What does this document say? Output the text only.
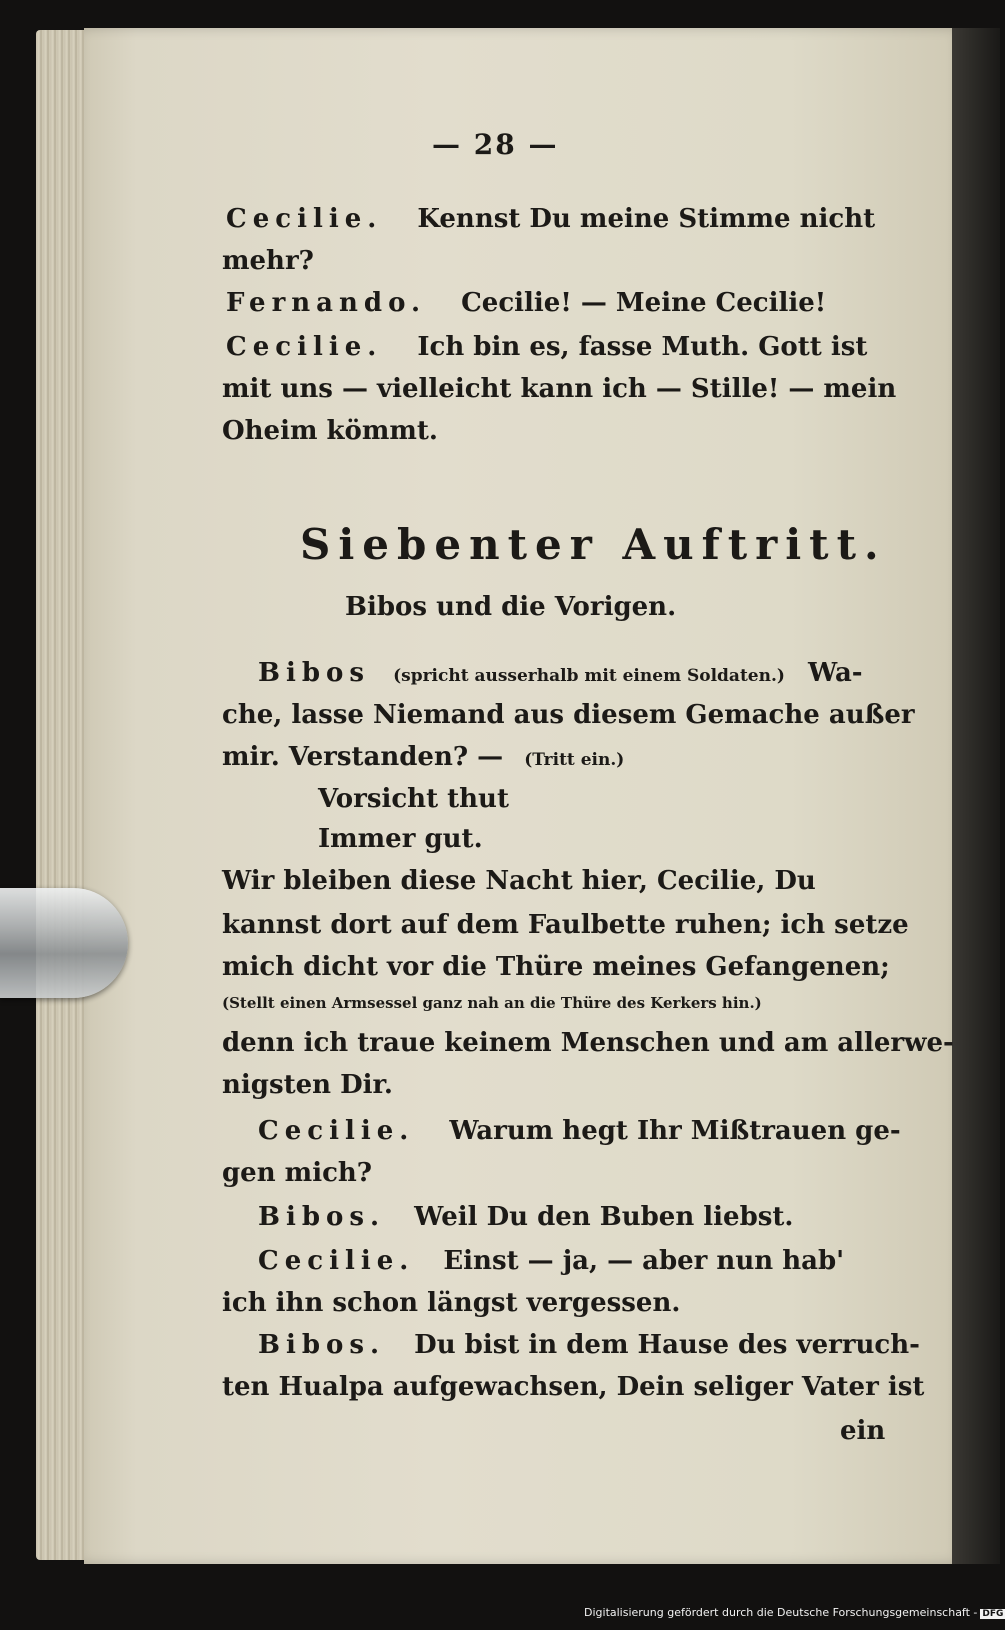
— 28 —
Cecilie. Kennst Du meine Stimme nicht
mehr?
Fernando. Cecilie! — Meine Cecilie!
Cecilie. Ich bin es, fasse Muth. Gott ist
mit uns — vielleicht kann ich — Stille! — mein
Oheim kömmt.
Siebenter Auftritt.
Bibos und die Vorigen.
Bibos (spricht ausserhalb mit einem Soldaten.) Wa-
che, lasse Niemand aus diesem Gemache außer
mir. Verstanden? — (Tritt ein.)
Vorsicht thut
Immer gut.
Wir bleiben diese Nacht hier, Cecilie, Du
kannst dort auf dem Faulbette ruhen; ich setze
mich dicht vor die Thüre meines Gefangenen;
(Stellt einen Armsessel ganz nah an die Thüre des Kerkers hin.)
denn ich traue keinem Menschen und am allerwe-
nigsten Dir.
Cecilie. Warum hegt Ihr Mißtrauen ge-
gen mich?
Bibos. Weil Du den Buben liebst.
Cecilie. Einst — ja, — aber nun hab'
ich ihn schon längst vergessen.
Bibos. Du bist in dem Hause des verruch-
ten Hualpa aufgewachsen, Dein seliger Vater ist
ein
Digitalisierung gefördert durch die Deutsche Forschungsgemeinschaft - DFG
